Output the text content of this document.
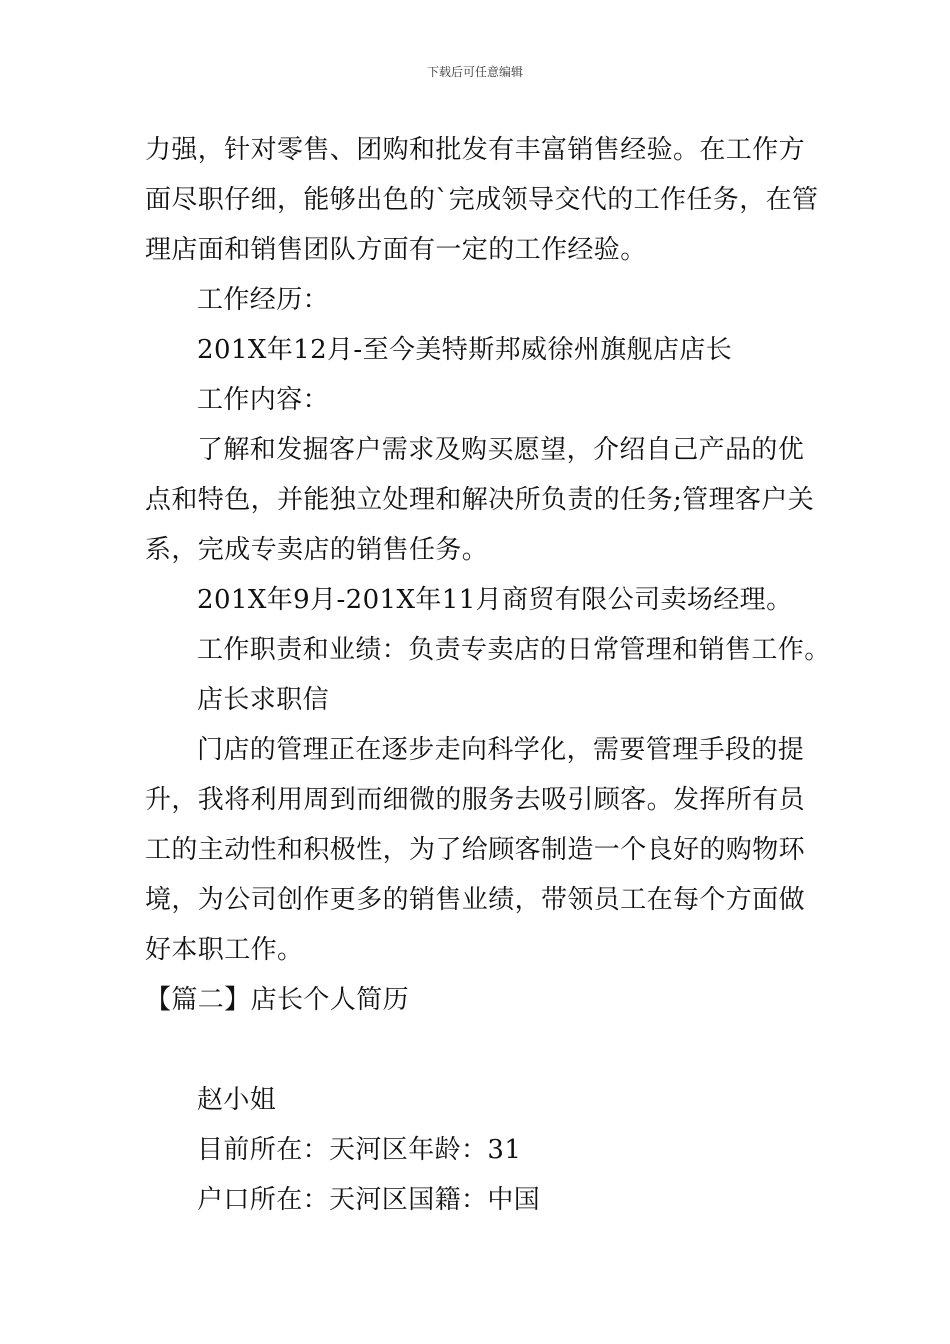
下载后可任意编辑
力强，针对零售、团购和批发有丰富销售经验。在工作方
面尽职仔细，能够出色的`完成领导交代的工作任务，在管
理店面和销售团队方面有一定的工作经验。
工作经历：
201X年12月-至今美特斯邦威徐州旗舰店店长
工作内容：
了解和发掘客户需求及购买愿望，介绍自己产品的优
点和特色，并能独立处理和解决所负责的任务;管理客户关
系，完成专卖店的销售任务。
201X年9月-201X年11月商贸有限公司卖场经理。
工作职责和业绩：负责专卖店的日常管理和销售工作。
店长求职信
门店的管理正在逐步走向科学化，需要管理手段的提
升，我将利用周到而细微的服务去吸引顾客。发挥所有员
工的主动性和积极性，为了给顾客制造一个良好的购物环
境，为公司创作更多的销售业绩，带领员工在每个方面做
好本职工作。
【篇二】店长个人简历
赵小姐
目前所在：天河区年龄：31
户口所在：天河区国籍：中国
